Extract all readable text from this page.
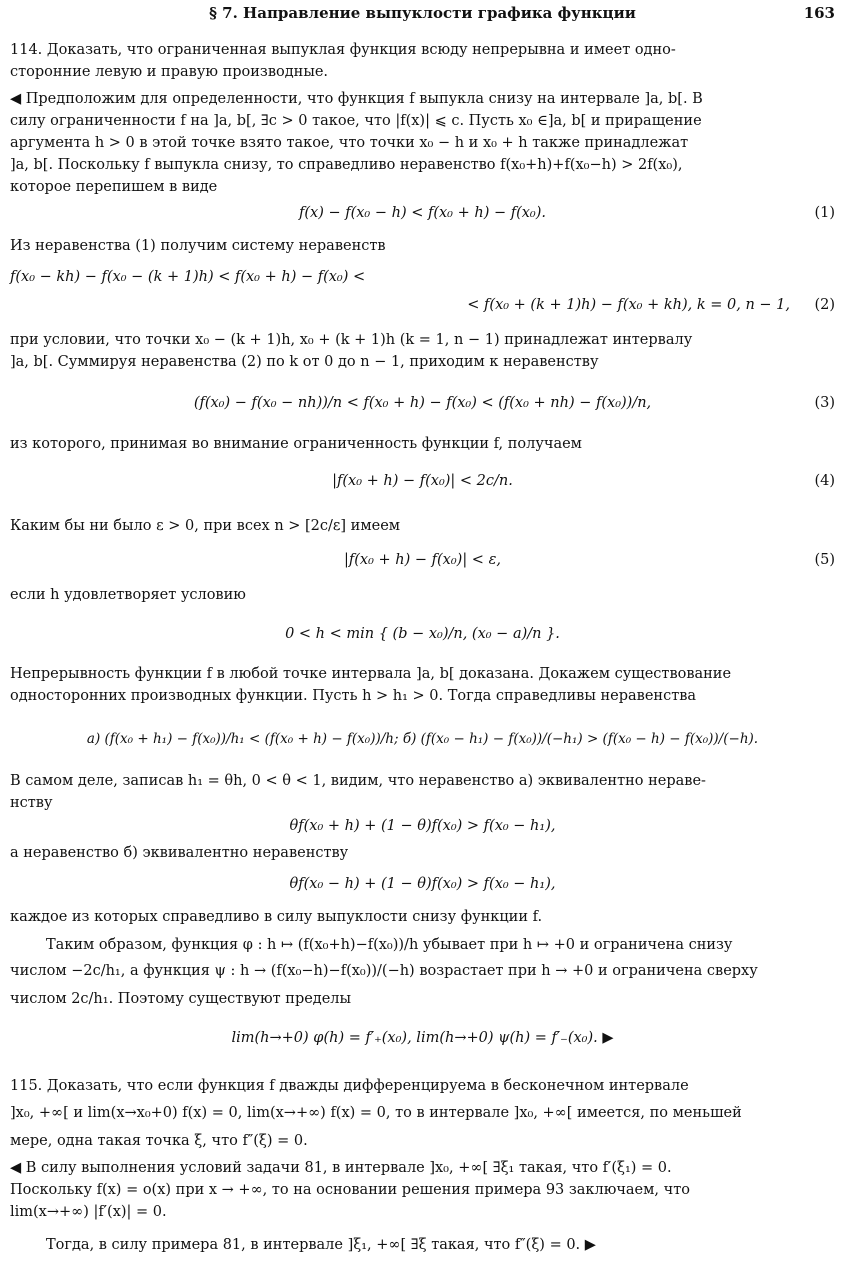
§ 7. Направление выпуклости графика функции	163
114. Доказать, что ограниченная выпуклая функция всюду непрерывна и имеет одно-
сторонние левую и правую производные.
◀ Предположим для определенности, что функция f выпукла снизу на интервале ]a, b[. В
силу ограниченности f на ]a, b[, ∃c > 0 такое, что |f(x)| ⩽ c. Пусть x₀ ∈]a, b[ и приращение
аргумента h > 0 в этой точке взято такое, что точки x₀ − h и x₀ + h также принадлежат
]a, b[. Поскольку f выпукла снизу, то справедливо неравенство f(x₀+h)+f(x₀−h) > 2f(x₀),
которое перепишем в виде
f(x) − f(x₀ − h) < f(x₀ + h) − f(x₀).	(1)
Из неравенства (1) получим систему неравенств
f(x₀ − kh) − f(x₀ − (k + 1)h) < f(x₀ + h) − f(x₀) <
< f(x₀ + (k + 1)h) − f(x₀ + kh), k = 0, n − 1, (2)
при условии, что точки x₀ − (k + 1)h, x₀ + (k + 1)h (k = 1, n − 1) принадлежат интервалу
]a, b[. Суммируя неравенства (2) по k от 0 до n − 1, приходим к неравенству
(f(x₀) − f(x₀ − nh))/n < f(x₀ + h) − f(x₀) < (f(x₀ + nh) − f(x₀))/n,	(3)
из которого, принимая во внимание ограниченность функции f, получаем
|f(x₀ + h) − f(x₀)| < 2c/n.	(4)
Каким бы ни было ε > 0, при всех n > [2c/ε] имеем
|f(x₀ + h) − f(x₀)| < ε,	(5)
если h удовлетворяет условию
0 < h < min { (b − x₀)/n, (x₀ − a)/n }.
Непрерывность функции f в любой точке интервала ]a, b[ доказана. Докажем существование
односторонних производных функции. Пусть h > h₁ > 0. Тогда справедливы неравенства
а) (f(x₀ + h₁) − f(x₀))/h₁ < (f(x₀ + h) − f(x₀))/h; б) (f(x₀ − h₁) − f(x₀))/(−h₁) > (f(x₀ − h) − f(x₀))/(−h).
В самом деле, записав h₁ = θh, 0 < θ < 1, видим, что неравенство а) эквивалентно нераве-
нству
θf(x₀ + h) + (1 − θ)f(x₀) > f(x₀ − h₁),
а неравенство б) эквивалентно неравенству
θf(x₀ − h) + (1 − θ)f(x₀) > f(x₀ − h₁),
каждое из которых справедливо в силу выпуклости снизу функции f.
Таким образом, функция φ : h ↦ (f(x₀+h)−f(x₀))/h убывает при h ↦ +0 и ограничена снизу
числом −2c/h₁, а функция ψ : h → (f(x₀−h)−f(x₀))/(−h) возрастает при h → +0 и ограничена сверху
числом 2c/h₁. Поэтому существуют пределы
lim(h→+0) φ(h) = f′₊(x₀), lim(h→+0) ψ(h) = f′₋(x₀). ▶
115. Доказать, что если функция f дважды дифференцируема в бесконечном интервале
]x₀, +∞[ и lim(x→x₀+0) f(x) = 0, lim(x→+∞) f(x) = 0, то в интервале ]x₀, +∞[ имеется, по меньшей
мере, одна такая точка ξ, что f″(ξ) = 0.
◀ В силу выполнения условий задачи 81, в интервале ]x₀, +∞[ ∃ξ₁ такая, что f′(ξ₁) = 0.
Поскольку f(x) = o(x) при x → +∞, то на основании решения примера 93 заключаем, что
lim(x→+∞) |f′(x)| = 0.
Тогда, в силу примера 81, в интервале ]ξ₁, +∞[ ∃ξ такая, что f″(ξ) = 0. ▶
